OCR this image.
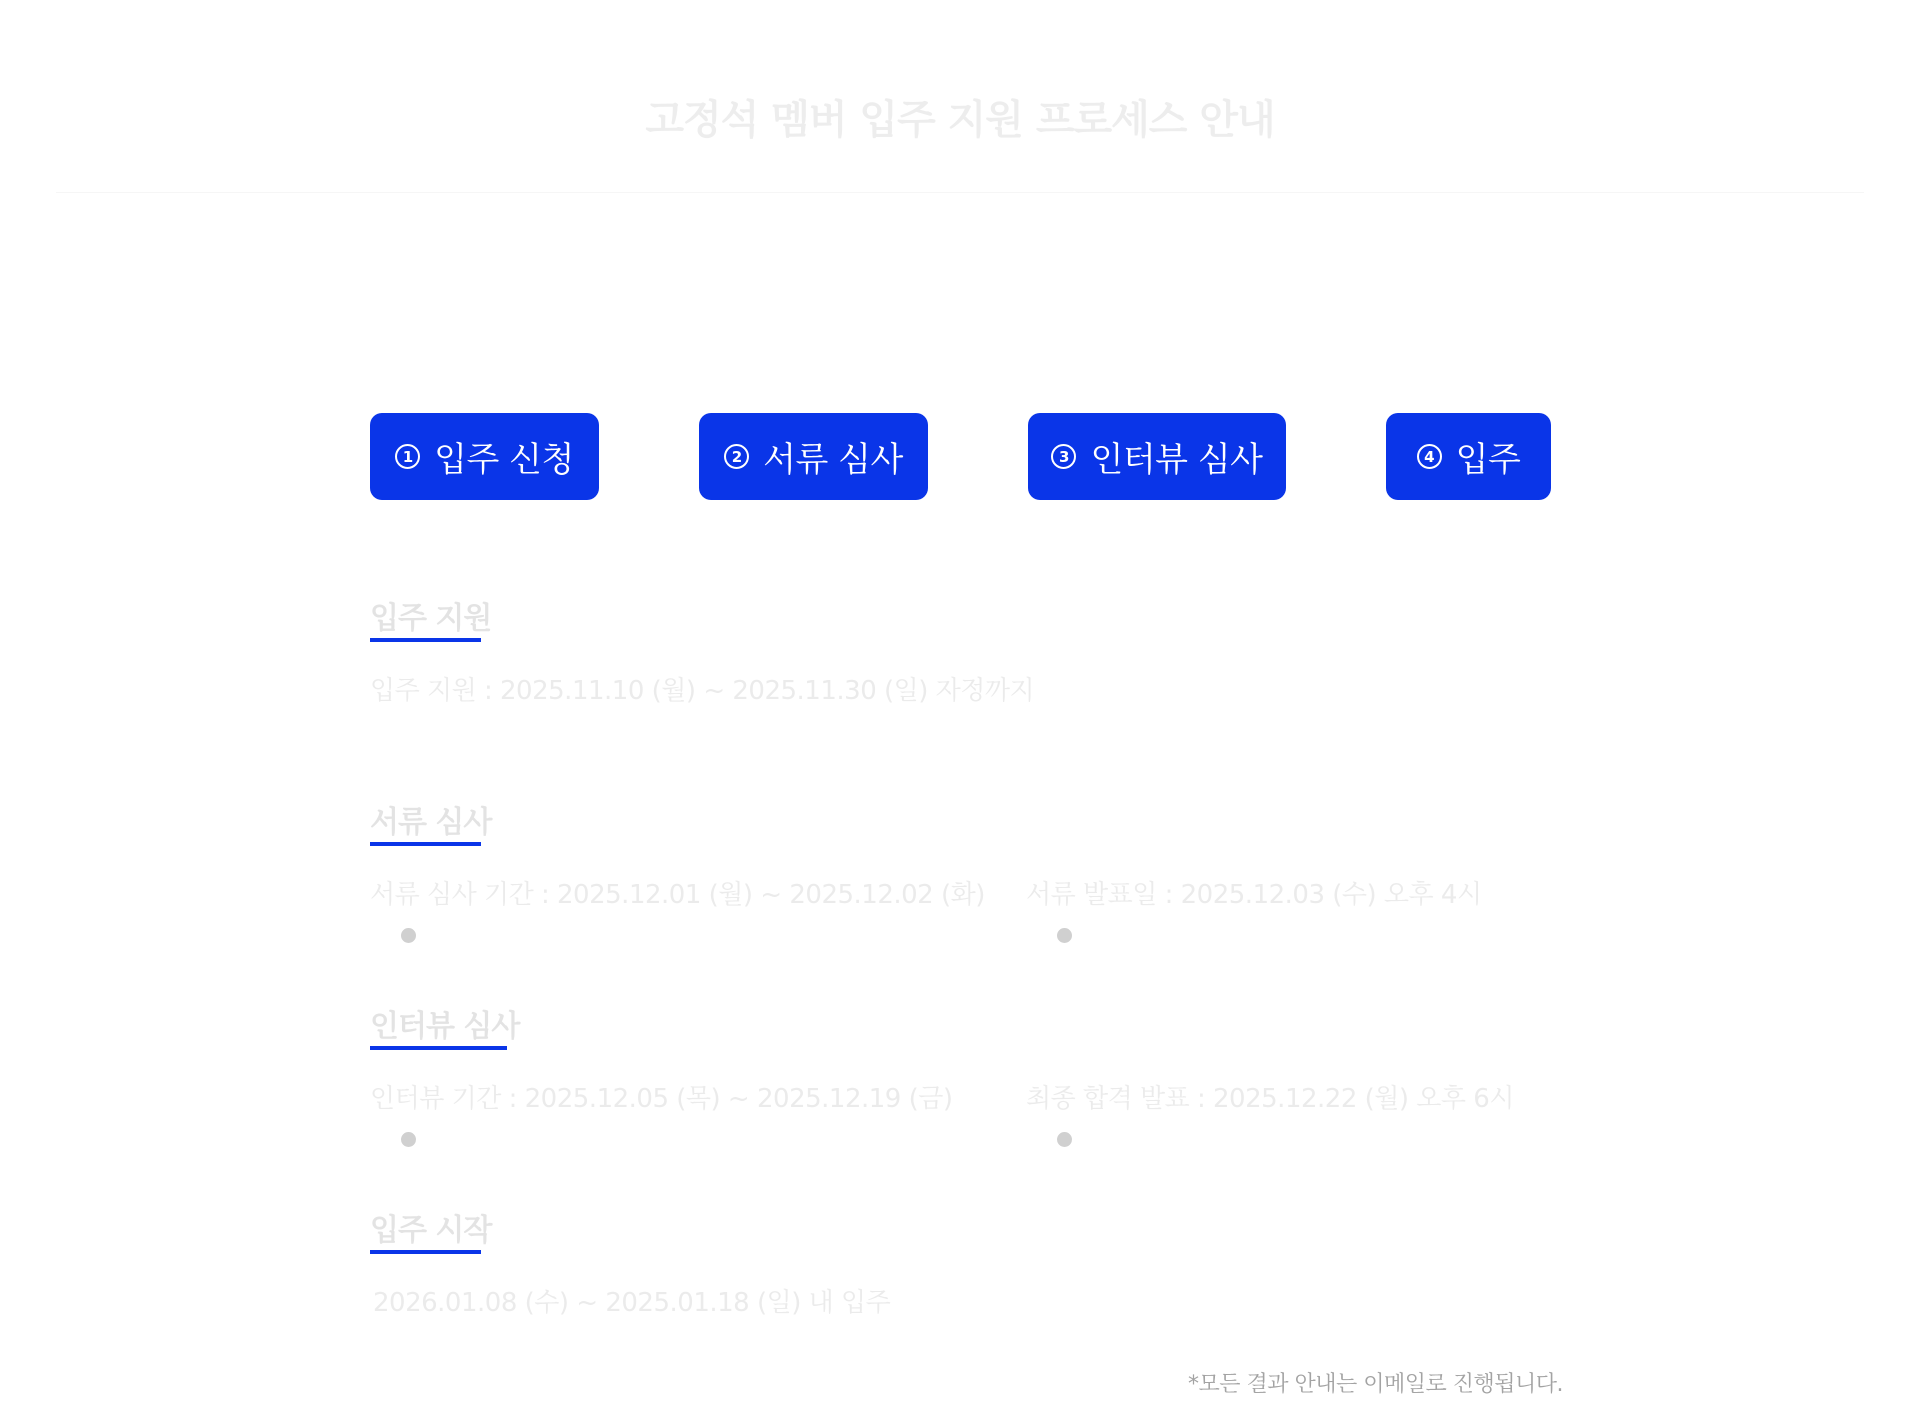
고정석 멤버 입주 지원 프로세스 안내
1 입주 신청	2 서류 심사	3 인터뷰 심사	4 입주
입주 지원
입주 지원 : 2025.11.10 (월) ~ 2025.11.30 (일) 자정까지
서류 심사
서류 심사 기간 : 2025.12.01 (월) ~ 2025.12.02 (화) 서류 발표일 : 2025.12.03 (수) 오후 4시
인터뷰 심사
인터뷰 기간 : 2025.12.05 (목) ~ 2025.12.19 (금)	최종 합격 발표 : 2025.12.22 (월) 오후 6시
입주 시작
2026.01.08 (수) ~ 2025.01.18 (일) 내 입주
*모든 결과 안내는 이메일로 진행됩니다.
